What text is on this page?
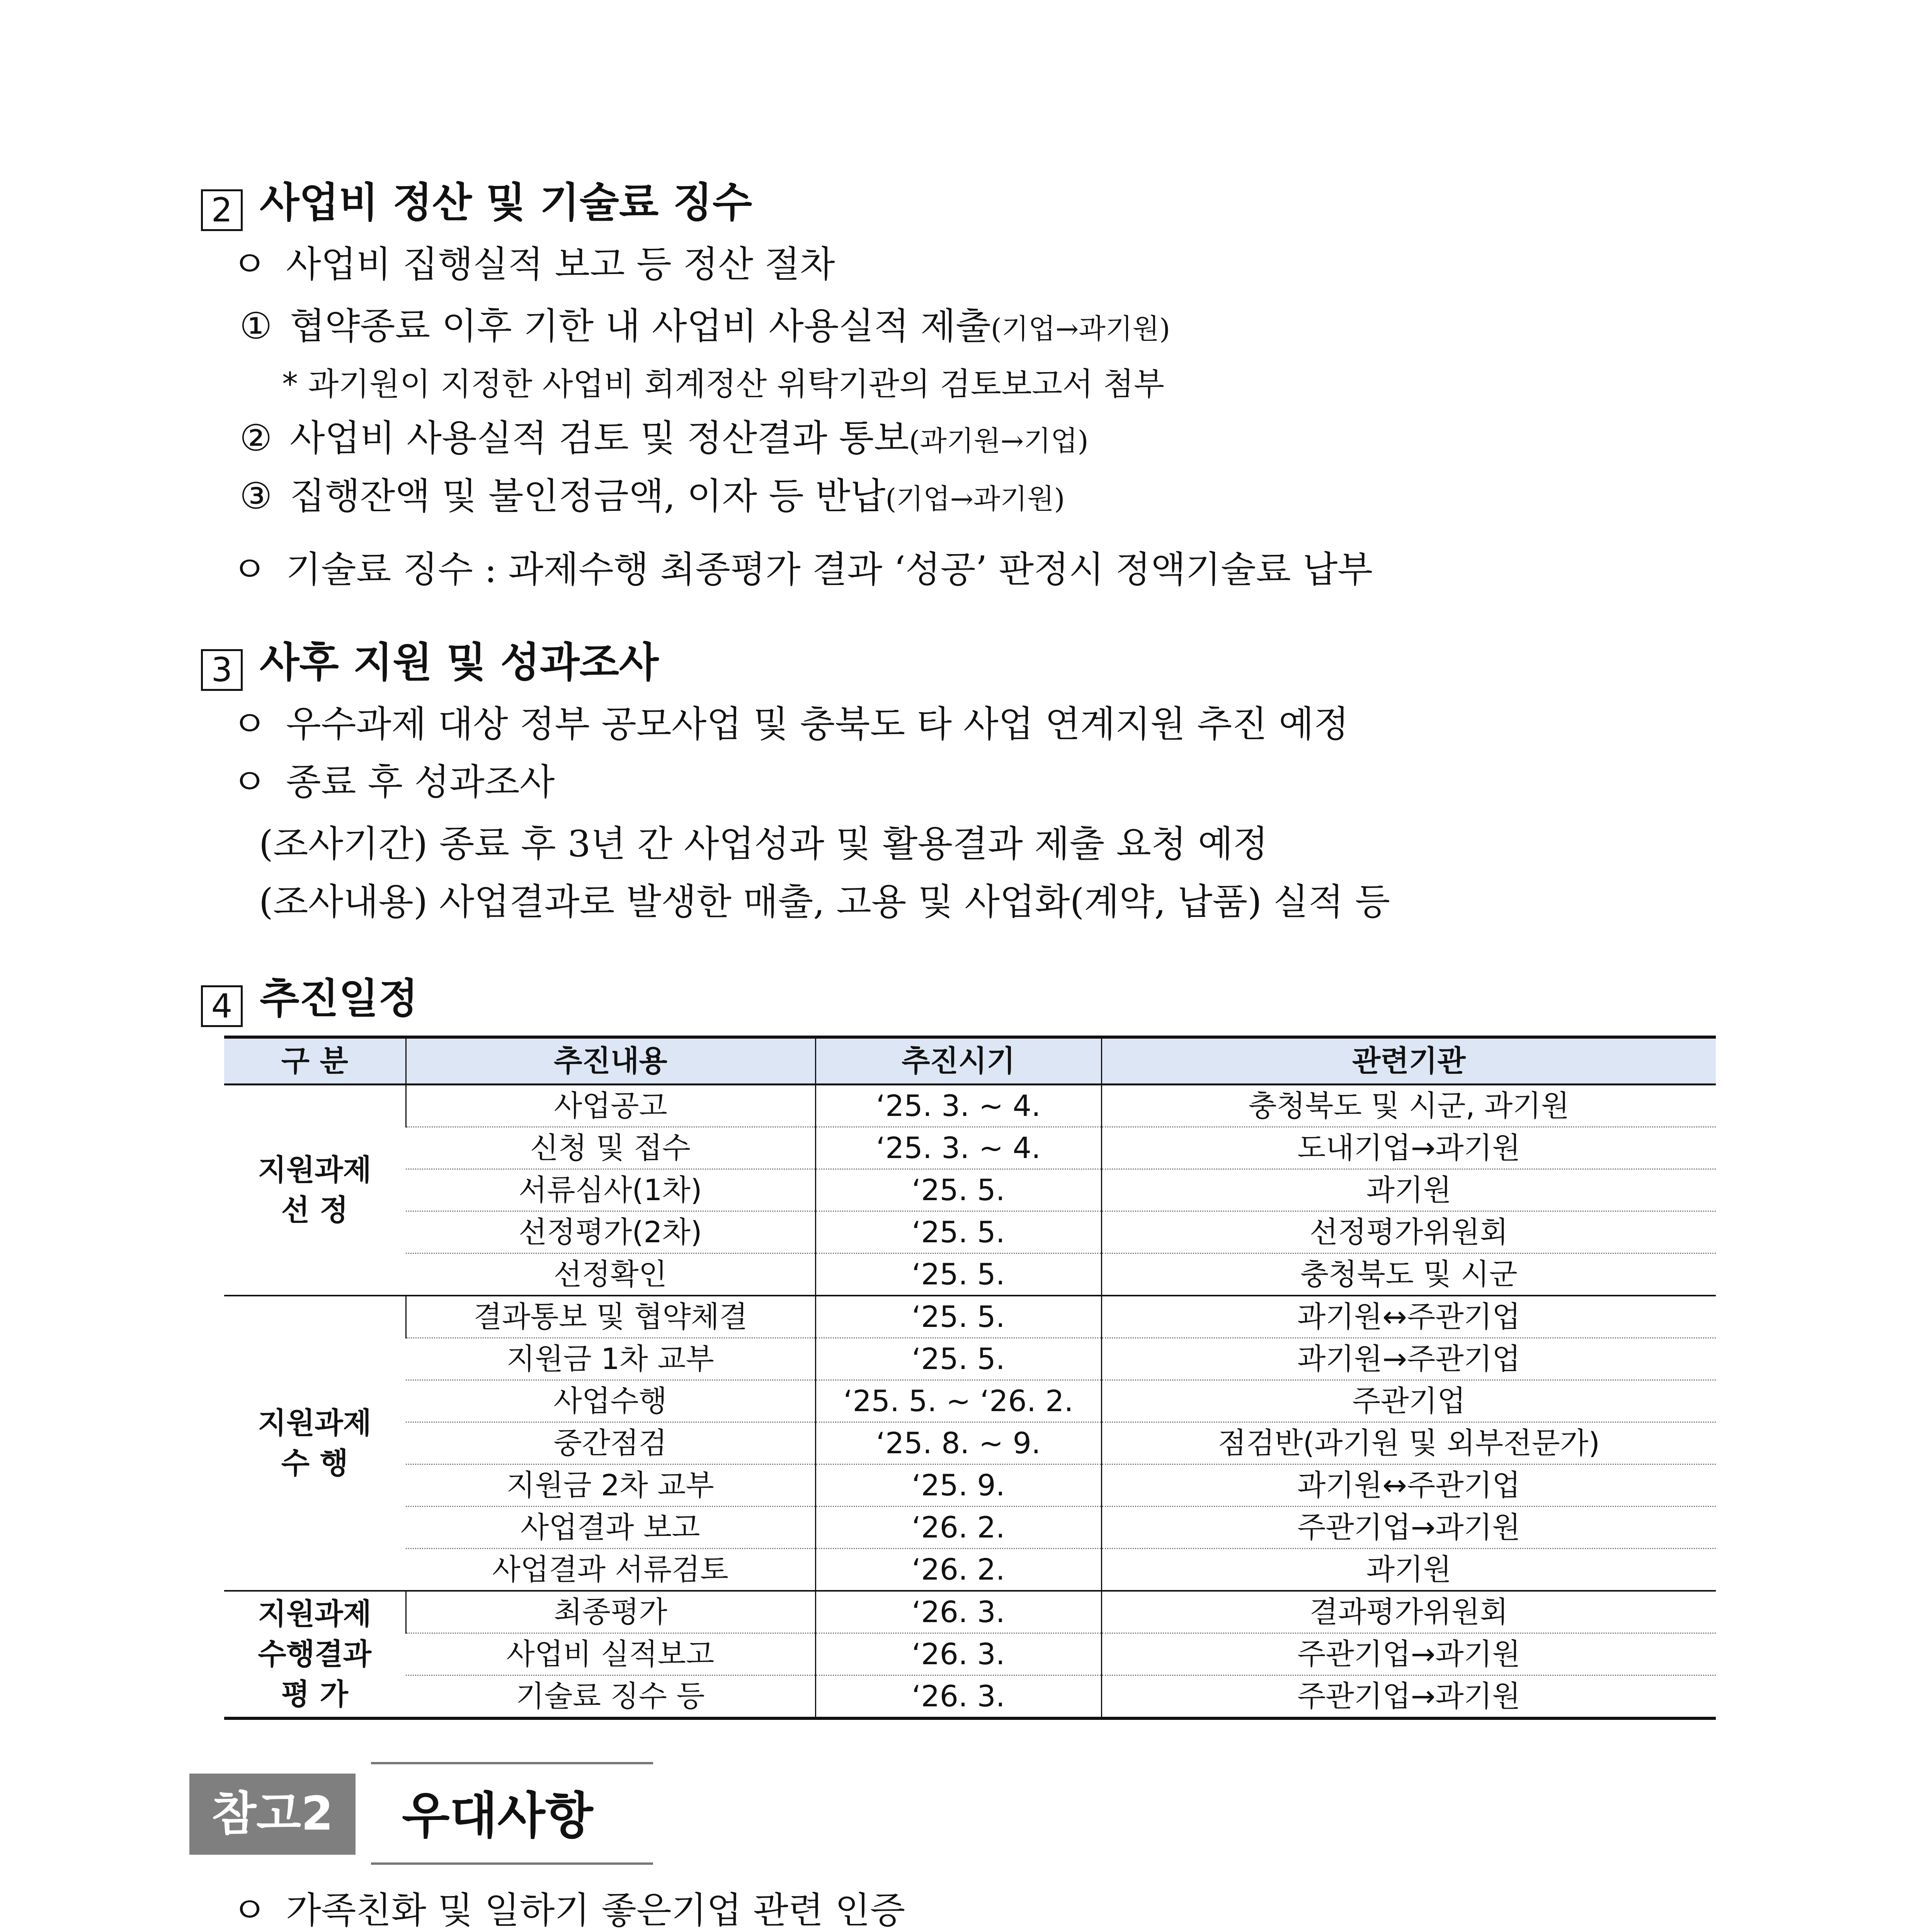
2 사업비 정산 및 기술료 징수
ㅇ 사업비 집행실적 보고 등 정산 절차
① 협약종료 이후 기한 내 사업비 사용실적 제출(기업→과기원)
* 과기원이 지정한 사업비 회계정산 위탁기관의 검토보고서 첨부
② 사업비 사용실적 검토 및 정산결과 통보(과기원→기업)
③ 집행잔액 및 불인정금액, 이자 등 반납(기업→과기원)
ㅇ 기술료 징수 : 과제수행 최종평가 결과 ‘성공’ 판정시 정액기술료 납부
3 사후 지원 및 성과조사
ㅇ 우수과제 대상 정부 공모사업 및 충북도 타 사업 연계지원 추진 예정
ㅇ 종료 후 성과조사
(조사기간) 종료 후 3년 간 사업성과 및 활용결과 제출 요청 예정
(조사내용) 사업결과로 발생한 매출, 고용 및 사업화(계약, 납품) 실적 등
4 추진일정
구 분	추진내용	추진시기	관련기관
지원과제
선 정	사업공고	‘25. 3. ~ 4.	충청북도 및 시군, 과기원
	신청 및 접수	‘25. 3. ~ 4.	도내기업→과기원
	서류심사(1차)	‘25. 5.	과기원
	선정평가(2차)	‘25. 5.	선정평가위원회
	선정확인	‘25. 5.	충청북도 및 시군
지원과제
수 행	결과통보 및 협약체결	‘25. 5.	과기원↔주관기업
	지원금 1차 교부	‘25. 5.	과기원→주관기업
	사업수행	‘25. 5. ~ ‘26. 2.	주관기업
	중간점검	‘25. 8. ~ 9.	점검반(과기원 및 외부전문가)
	지원금 2차 교부	‘25. 9.	과기원↔주관기업
	사업결과 보고	‘26. 2.	주관기업→과기원
	사업결과 서류검토	‘26. 2.	과기원
지원과제
수행결과
평 가	최종평가	‘26. 3.	결과평가위원회
	사업비 실적보고	‘26. 3.	주관기업→과기원
	기술료 징수 등	‘26. 3.	주관기업→과기원
참고2	우대사항
ㅇ 가족친화 및 일하기 좋은기업 관련 인증
